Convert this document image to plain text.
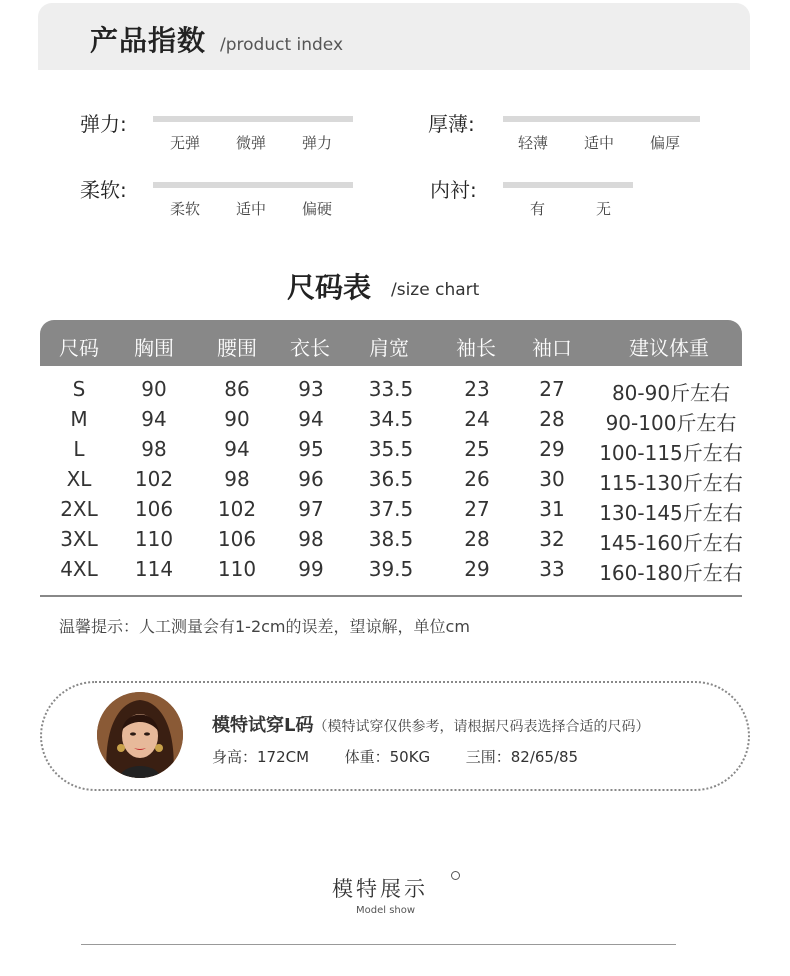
产品指数 /product index
弹力:
无弹 微弹 弹力
厚薄:
轻薄 适中 偏厚
柔软:
柔软 适中 偏硬
内衬:
有	无
尺码表 /size chart
尺码 胸围 腰围 衣长 肩宽 袖长 袖口	建议体重
S	90	86 93 33.5	23 27 80-90斤左右
M	94	90 94 34.5	24 28 90-100斤左右
L	98	94 95 35.5	25 29 100-115斤左右
XL 102	98 96 36.5	26 30 115-130斤左右
2XL 106 102 97 37.5	27 31 130-145斤左右
3XL 110 106 98 38.5	28 32 145-160斤左右
4XL 114 110 99 39.5	29 33 160-180斤左右
温馨提示：人工测量会有1-2cm的误差，望谅解，单位cm
模特试穿L码（模特试穿仅供参考，请根据尺码表选择合适的尺码）
身高：172CM 体重：50KG 三围：82/65/85
模特展示
Model show
